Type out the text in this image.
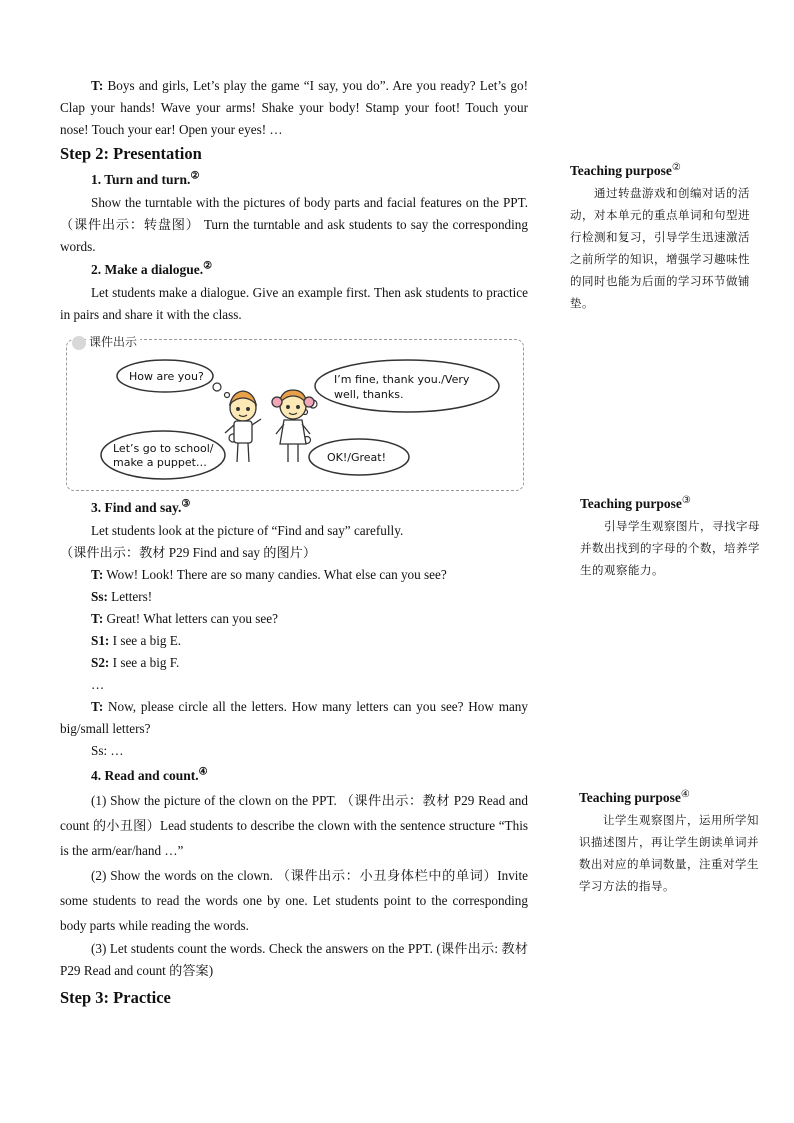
T: Boys and girls, Let’s play the game “I say, you do”. Are you ready? Let’s go! Clap your hands! Wave your arms! Shake your body! Stamp your foot! Touch your nose! Touch your ear! Open your eyes! …

Step 2: Presentation

1. Turn and turn.②

Show the turntable with the pictures of body parts and facial features on the PPT. （课件出示：转盘图） Turn the turntable and ask students to say the corresponding words.

2. Make a dialogue.②

Let students make a dialogue. Give an example first. Then ask students to practice in pairs and share it with the class.

How are you?	I’m fine, thank you./Very
well, thanks.
Let’s go to school/
make a puppet…	OK!/Great!
课件出示

3. Find and say.③

Let students look at the picture of “Find and say” carefully.

（课件出示：教材 P29 Find and say 的图片）

T: Wow! Look! There are so many candies. What else can you see?

Ss: Letters!

T: Great! What letters can you see?

S1: I see a big E.

S2: I see a big F.

…

T: Now, please circle all the letters. How many letters can you see? How many big/small letters?

Ss: …

4. Read and count.④

(1) Show the picture of the clown on the PPT. （课件出示：教材 P29 Read and count 的小丑图）Lead students to describe the clown with the sentence structure “This is the arm/ear/hand …”

(2) Show the words on the clown. （课件出示：小丑身体栏中的单词）Invite some students to read the words one by one. Let students point to the corresponding body parts while reading the words.

(3) Let students count the words. Check the answers on the PPT. (课件出示: 教材 P29 Read and count 的答案)

Step 3: Practice

Teaching purpose②

通过转盘游戏和创编对话的活动，对本单元的重点单词和句型进行检测和复习，引导学生迅速激活之前所学的知识，增强学习趣味性的同时也能为后面的学习环节做铺垫。

Teaching purpose③

引导学生观察图片，寻找字母并数出找到的字母的个数，培养学生的观察能力。

Teaching purpose④

让学生观察图片，运用所学知识描述图片，再让学生朗读单词并数出对应的单词数量，注重对学生学习方法的指导。
